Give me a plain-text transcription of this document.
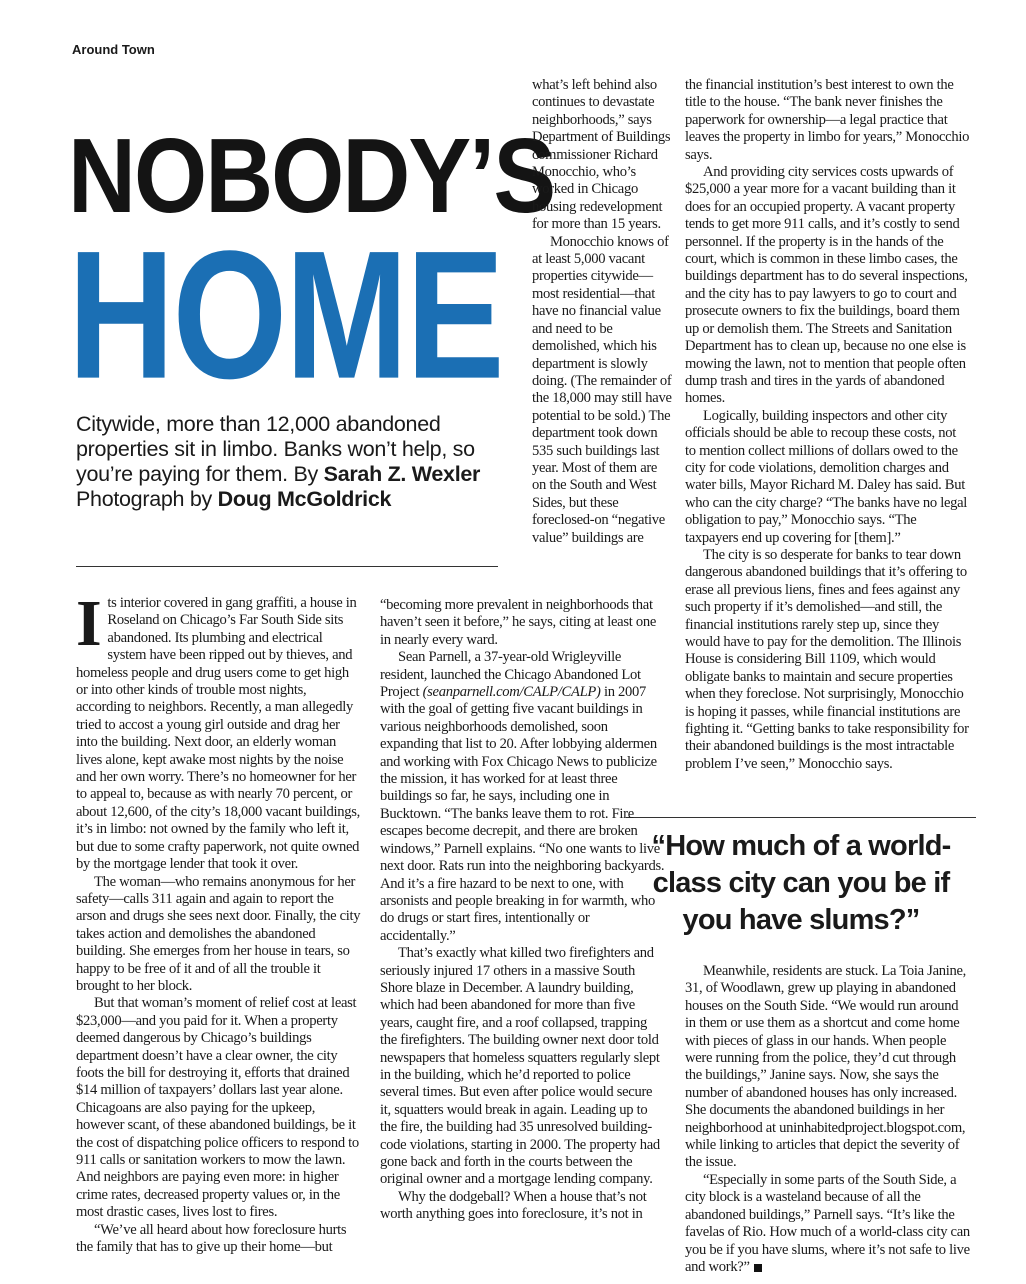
Around Town
NOBODY’S
HOME
Citywide, more than 12,000 abandoned properties sit in limbo. Banks won’t help, so you’re paying for them. By Sarah Z. Wexler
Photograph by Doug McGoldrick

Its interior covered in gang graffiti, a house in Roseland on Chicago’s Far South Side sits abandoned. Its plumbing and electrical system have been ripped out by thieves, and homeless people and drug users come to get high or into other kinds of trouble most nights, according to neighbors. Recently, a man allegedly tried to accost a young girl outside and drag her into the building. Next door, an elderly woman lives alone, kept awake most nights by the noise and her own worry. There’s no homeowner for her to appeal to, because as with nearly 70 percent, or about 12,600, of the city’s 18,000 vacant buildings, it’s in limbo: not owned by the family who left it, but due to some crafty paperwork, not quite owned by the mortgage lender that took it over.

The woman—who remains anonymous for her safety—calls 311 again and again to report the arson and drugs she sees next door. Finally, the city takes action and demolishes the abandoned building. She emerges from her house in tears, so happy to be free of it and of all the trouble it brought to her block.

But that woman’s moment of relief cost at least $23,000—and you paid for it. When a property deemed dangerous by Chicago’s buildings department doesn’t have a clear owner, the city foots the bill for destroying it, efforts that drained $14 million of taxpayers’ dollars last year alone. Chicagoans are also paying for the upkeep, however scant, of these abandoned buildings, be it the cost of dispatching police officers to respond to 911 calls or sanitation workers to mow the lawn. And neighbors are paying even more: in higher crime rates, decreased property values or, in the most drastic cases, lives lost to fires.

“We’ve all heard about how foreclosure hurts the family that has to give up their home—but

what’s left behind also continues to devastate neighborhoods,” says Department of Buildings commissioner Richard Monocchio, who’s worked in Chicago housing redevelopment for more than 15 years.

Monocchio knows of at least 5,000 vacant properties citywide—most residential—that have no financial value and need to be demolished, which his department is slowly doing. (The remainder of the 18,000 may still have potential to be sold.) The department took down 535 such buildings last year. Most of them are on the South and West Sides, but these foreclosed-on “negative value” buildings are

“becoming more prevalent in neighborhoods that haven’t seen it before,” he says, citing at least one in nearly every ward.

Sean Parnell, a 37-year-old Wrigleyville resident, launched the Chicago Abandoned Lot Project (seanparnell.com/CALP/CALP) in 2007 with the goal of getting five vacant buildings in various neighborhoods demolished, soon expanding that list to 20. After lobbying aldermen and working with Fox Chicago News to publicize the mission, it has worked for at least three buildings so far, he says, including one in Bucktown. “The banks leave them to rot. Fire escapes become decrepit, and there are broken windows,” Parnell explains. “No one wants to live next door. Rats run into the neighboring backyards. And it’s a fire hazard to be next to one, with arsonists and people breaking in for warmth, who do drugs or start fires, intentionally or accidentally.”

That’s exactly what killed two firefighters and seriously injured 17 others in a massive South Shore blaze in December. A laundry building, which had been abandoned for more than five years, caught fire, and a roof collapsed, trapping the firefighters. The building owner next door told newspapers that homeless squatters regularly slept in the building, which he’d reported to police several times. But even after police would secure it, squatters would break in again. Leading up to the fire, the building had 35 unresolved building-code violations, starting in 2000. The property had gone back and forth in the courts between the original owner and a mortgage lending company.

Why the dodgeball? When a house that’s not worth anything goes into foreclosure, it’s not in

the financial institution’s best interest to own the title to the house. “The bank never finishes the paperwork for ownership—a legal practice that leaves the property in limbo for years,” Monocchio says.

And providing city services costs upwards of $25,000 a year more for a vacant building than it does for an occupied property. A vacant property tends to get more 911 calls, and it’s costly to send personnel. If the property is in the hands of the court, which is common in these limbo cases, the buildings department has to do several inspections, and the city has to pay lawyers to go to court and prosecute owners to fix the buildings, board them up or demolish them. The Streets and Sanitation Department has to clean up, because no one else is mowing the lawn, not to mention that people often dump trash and tires in the yards of abandoned homes.

Logically, building inspectors and other city officials should be able to recoup these costs, not to mention collect millions of dollars owed to the city for code violations, demolition charges and water bills, Mayor Richard M. Daley has said. But who can the city charge? “The banks have no legal obligation to pay,” Monocchio says. “The taxpayers end up covering for [them].”

The city is so desperate for banks to tear down dangerous abandoned buildings that it’s offering to erase all previous liens, fines and fees against any such property if it’s demolished—and still, the financial institutions rarely step up, since they would have to pay for the demolition. The Illinois House is considering Bill 1109, which would obligate banks to maintain and secure properties when they foreclose. Not surprisingly, Monocchio is hoping it passes, while financial institutions are fighting it. “Getting banks to take responsibility for their abandoned buildings is the most intractable problem I’ve seen,” Monocchio says.

“How much of a world-class city can you be if you have slums?”

Meanwhile, residents are stuck. La Toia Janine, 31, of Woodlawn, grew up playing in abandoned houses on the South Side. “We would run around in them or use them as a shortcut and come home with pieces of glass in our hands. When people were running from the police, they’d cut through the buildings,” Janine says. Now, she says the number of abandoned houses has only increased. She documents the abandoned buildings in her neighborhood at uninhabitedproject.blogspot.com, while linking to articles that depict the severity of the issue.

“Especially in some parts of the South Side, a city block is a wasteland because of all the abandoned buildings,” Parnell says. “It’s like the favelas of Rio. How much of a world-class city can you be if you have slums, where it’s not safe to live and work?”
